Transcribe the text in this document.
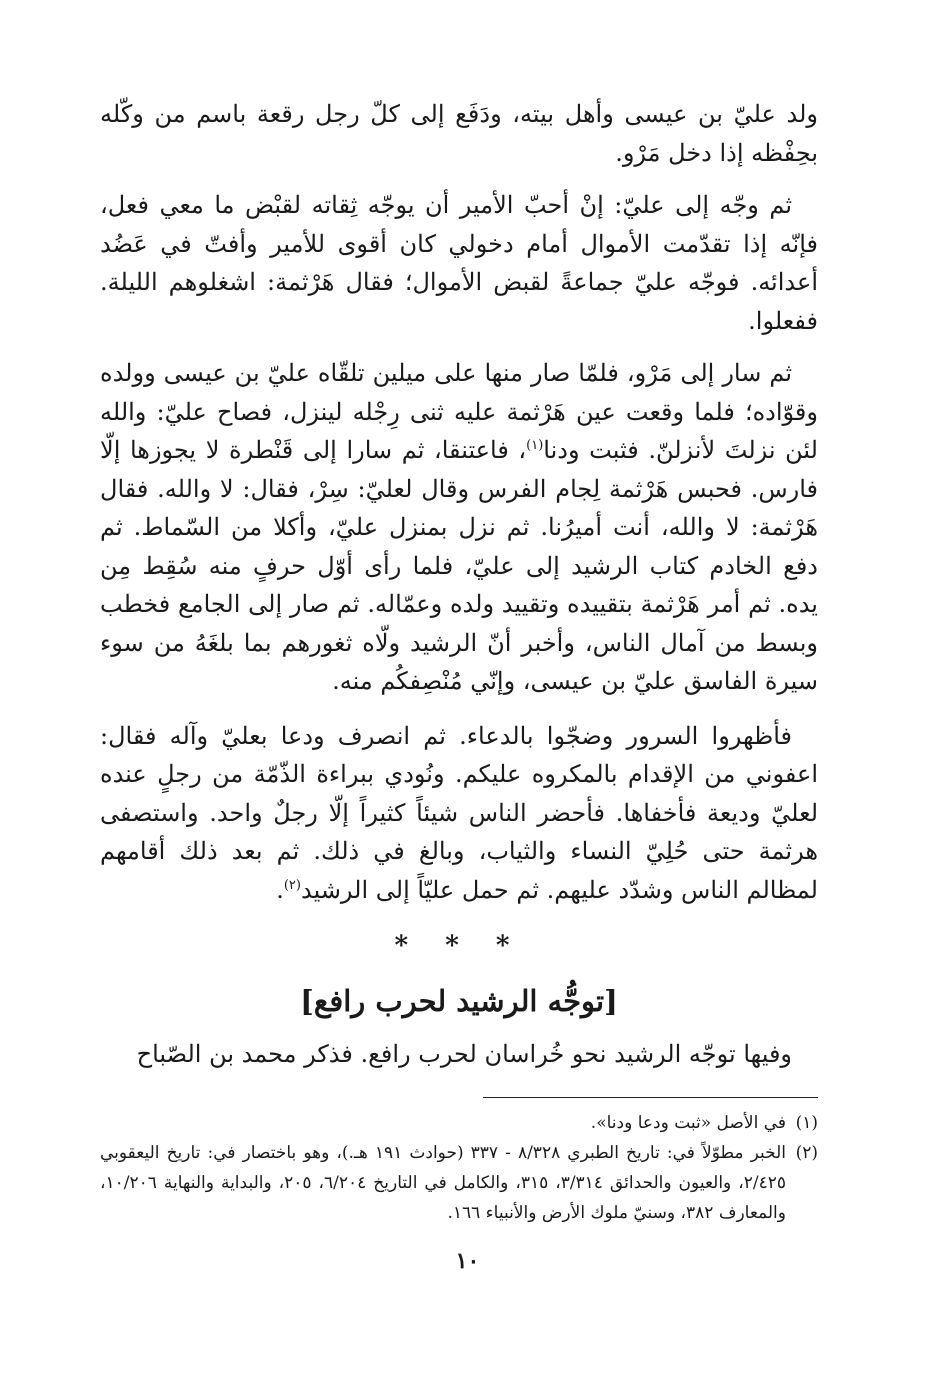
ولد عليّ بن عيسى وأهل بيته، ودَفَع إلى كلّ رجل رقعة باسم من وكّله بحِفْظه إذا دخل مَرْو.

ثم وجّه إلى عليّ: إنْ أحبّ الأمير أن يوجّه ثِقاته لقبْض ما معي فعل، فإنّه إذا تقدّمت الأموال أمام دخولي كان أقوى للأمير وأفتّ في عَضُد أعدائه. فوجّه عليّ جماعةً لقبض الأموال؛ فقال هَرْثمة: اشغلوهم الليلة. ففعلوا.

ثم سار إلى مَرْو، فلمّا صار منها على ميلين تلقّاه عليّ بن عيسى وولده وقوّاده؛ فلما وقعت عين هَرْثمة عليه ثنى رِجْله لينزل، فصاح عليّ: والله لئن نزلتَ لأنزلنّ. فثبت ودنا$^{(١)}$، فاعتنقا، ثم سارا إلى قَنْطرة لا يجوزها إلّا فارس. فحبس هَرْثمة لِجام الفرس وقال لعليّ: سِرْ، فقال: لا والله. فقال هَرْثمة: لا والله، أنت أميرُنا. ثم نزل بمنزل عليّ، وأكلا من السّماط. ثم دفع الخادم كتاب الرشيد إلى عليّ، فلما رأى أوّل حرفٍ منه سُقِط مِن يده. ثم أمر هَرْثمة بتقييده وتقييد ولده وعمّاله. ثم صار إلى الجامع فخطب وبسط من آمال الناس، وأخبر أنّ الرشيد ولّاه ثغورهم بما بلغَهُ من سوء سيرة الفاسق عليّ بن عيسى، وإنّي مُنْصِفكُم منه.

فأظهروا السرور وضجّوا بالدعاء. ثم انصرف ودعا بعليّ وآله فقال: اعفوني من الإقدام بالمكروه عليكم. ونُودي ببراءة الذّمّة من رجلٍ عنده لعليّ وديعة فأخفاها. فأحضر الناس شيئاً كثيراً إلّا رجلٌ واحد. واستصفى هرثمة حتى حُلِيّ النساء والثياب، وبالغ في ذلك. ثم بعد ذلك أقامهم لمظالم الناس وشدّد عليهم. ثم حمل عليّاً إلى الرشيد$^{(٢)}$.

* * *
[توجُّه الرشيد لحرب رافع]

وفيها توجّه الرشيد نحو خُراسان لحرب رافع. فذكر محمد بن الصّباح

(١)في الأصل «ثبت ودعا ودنا».

(٢)الخبر مطوّلاً في: تاريخ الطبري ٨/٣٢٨ - ٣٣٧ (حوادث ١٩١ هـ.)، وهو باختصار في: تاريخ اليعقوبي ٢/٤٢٥، والعيون والحدائق ٣/٣١٤، ٣١٥، والكامل في التاريخ ٦/٢٠٤، ٢٠٥، والبداية والنهاية ١٠/٢٠٦، والمعارف ٣٨٢، وسنيّ ملوك الأرض والأنبياء ١٦٦.

١٠
